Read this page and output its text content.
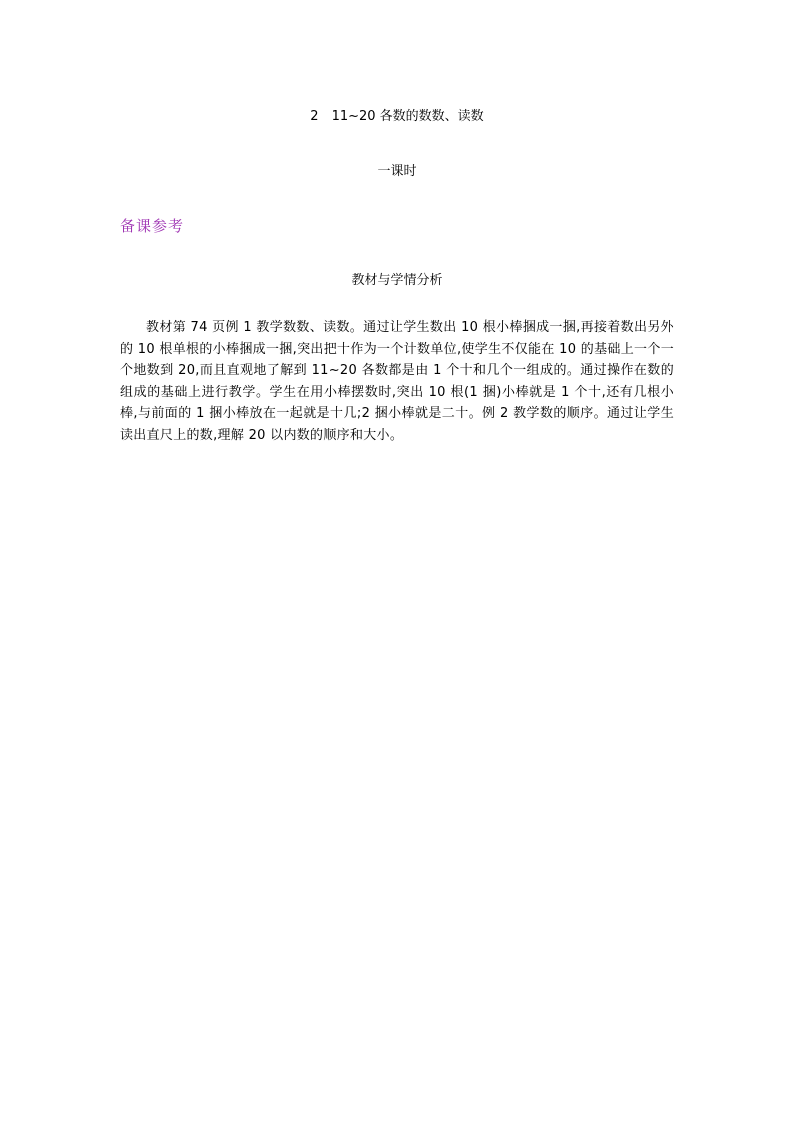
2　11~20 各数的数数、读数
一课时
备课参考
教材与学情分析

教材第 74 页例 1 教学数数、读数。通过让学生数出 10 根小棒捆成一捆,再接着数出另外的 10 根单根的小棒捆成一捆,突出把十作为一个计数单位,使学生不仅能在 10 的基础上一个一个地数到 20,而且直观地了解到 11~20 各数都是由 1 个十和几个一组成的。通过操作在数的组成的基础上进行教学。学生在用小棒摆数时,突出 10 根(1 捆)小棒就是 1 个十,还有几根小棒,与前面的 1 捆小棒放在一起就是十几;2 捆小棒就是二十。例 2 教学数的顺序。通过让学生读出直尺上的数,理解 20 以内数的顺序和大小。
